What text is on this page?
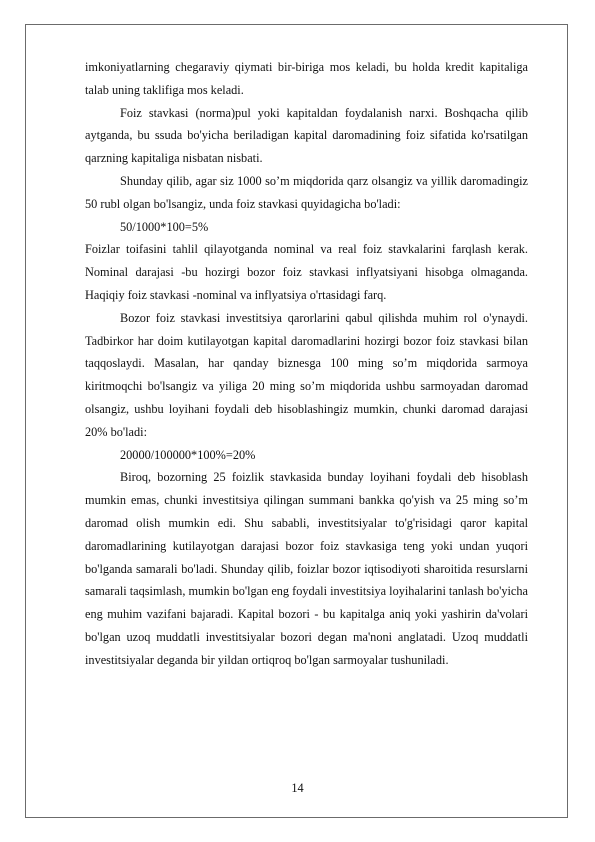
imkoniyatlarning chegaraviy qiymati bir-biriga mos keladi, bu holda kredit kapitaliga talab uning taklifiga mos keladi.

Foiz stavkasi (norma)pul yoki kapitaldan foydalanish narxi. Boshqacha qilib aytganda, bu ssuda bo'yicha beriladigan kapital daromadining foiz sifatida ko'rsatilgan qarzning kapitaliga nisbatan nisbati.

Shunday qilib, agar siz 1000 so’m miqdorida qarz olsangiz va yillik daromadingiz 50 rubl olgan bo'lsangiz, unda foiz stavkasi quyidagicha bo'ladi:

50/1000*100=5%

Foizlar toifasini tahlil qilayotganda nominal va real foiz stavkalarini farqlash kerak. Nominal darajasi -bu hozirgi bozor foiz stavkasi inflyatsiyani hisobga olmaganda. Haqiqiy foiz stavkasi -nominal va inflyatsiya o'rtasidagi farq.

Bozor foiz stavkasi investitsiya qarorlarini qabul qilishda muhim rol o'ynaydi. Tadbirkor har doim kutilayotgan kapital daromadlarini hozirgi bozor foiz stavkasi bilan taqqoslaydi. Masalan, har qanday biznesga 100 ming so’m miqdorida sarmoya kiritmoqchi bo'lsangiz va yiliga 20 ming so’m miqdorida ushbu sarmoyadan daromad olsangiz, ushbu loyihani foydali deb hisoblashingiz mumkin, chunki daromad darajasi 20% bo'ladi:

20000/100000*100%=20%

Biroq, bozorning 25 foizlik stavkasida bunday loyihani foydali deb hisoblash mumkin emas, chunki investitsiya qilingan summani bankka qo'yish va 25 ming so’m daromad olish mumkin edi. Shu sababli, investitsiyalar to'g'risidagi qaror kapital daromadlarining kutilayotgan darajasi bozor foiz stavkasiga teng yoki undan yuqori bo'lganda samarali bo'ladi. Shunday qilib, foizlar bozor iqtisodiyoti sharoitida resurslarni samarali taqsimlash, mumkin bo'lgan eng foydali investitsiya loyihalarini tanlash bo'yicha eng muhim vazifani bajaradi. Kapital bozori - bu kapitalga aniq yoki yashirin da'volari bo'lgan uzoq muddatli investitsiyalar bozori degan ma'noni anglatadi. Uzoq muddatli investitsiyalar deganda bir yildan ortiqroq bo'lgan sarmoyalar tushuniladi.

14
